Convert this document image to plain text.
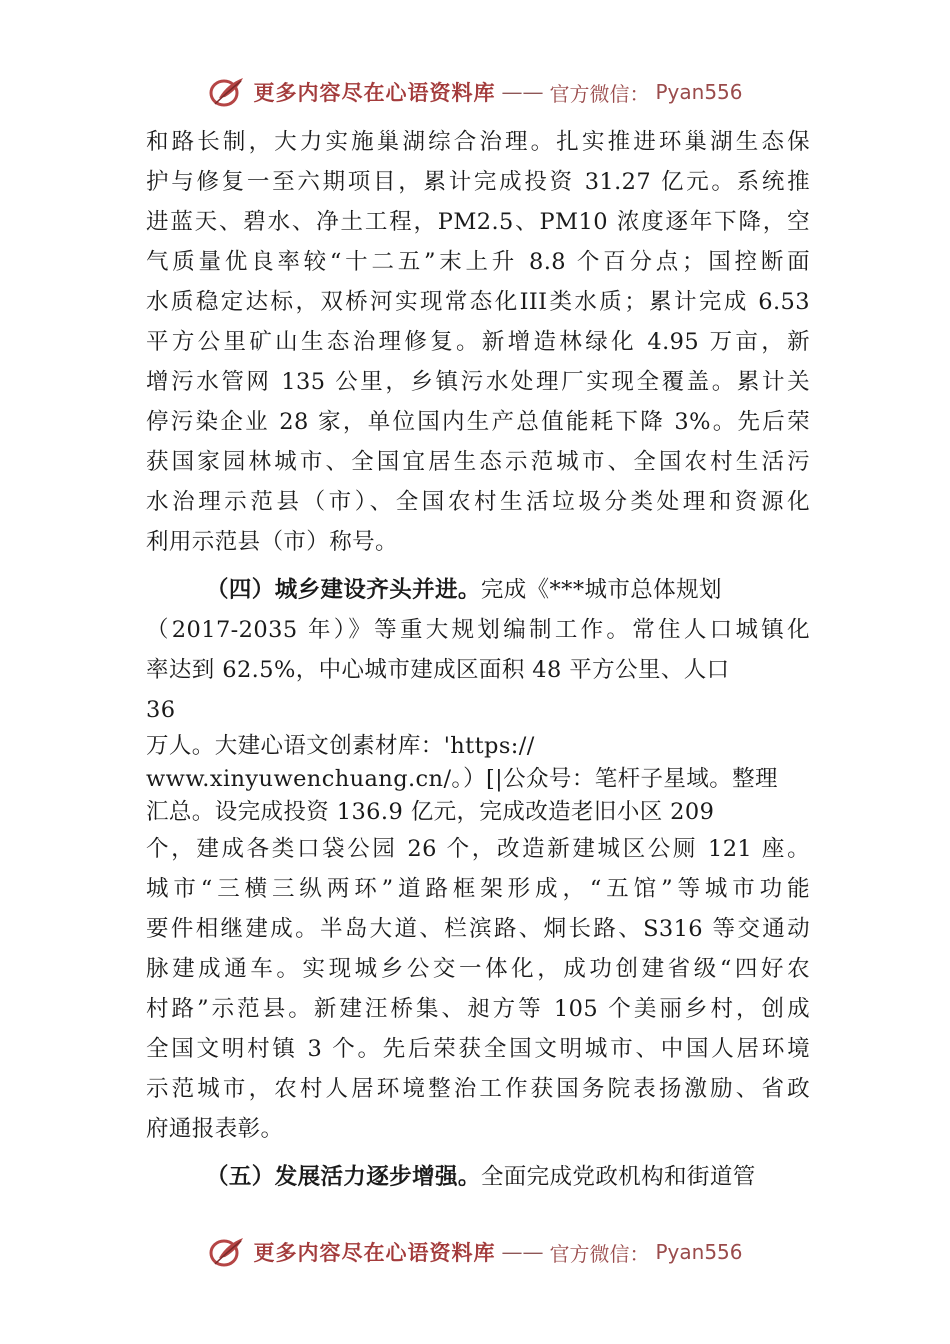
更多内容尽在心语资料库 —— 官方微信： Pyan556
和路长制，大力实施巢湖综合治理。扎实推进环巢湖生态保
护与修复一至六期项目，累计完成投资 31.27 亿元。系统推
进蓝天、碧水、净土工程，PM2.5、PM10 浓度逐年下降，空
气质量优良率较“十二五”末上升 8.8 个百分点；国控断面
水质稳定达标，双桥河实现常态化III类水质；累计完成 6.53
平方公里矿山生态治理修复。新增造林绿化 4.95 万亩，新
增污水管网 135 公里，乡镇污水处理厂实现全覆盖。累计关
停污染企业 28 家，单位国内生产总值能耗下降 3%。先后荣
获国家园林城市、全国宜居生态示范城市、全国农村生活污
水治理示范县（市）、全国农村生活垃圾分类处理和资源化
利用示范县（市）称号。
（四）城乡建设齐头并进。完成《***城市总体规划
（2017-2035 年）》等重大规划编制工作。常住人口城镇化
率达到 62.5%，中心城市建成区面积 48 平方公里、人口
36
万人。大建心语文创素材库：'https://
www.xinyuwenchuang.cn/。）[|公众号：笔杆子星域。整理
汇总。设完成投资 136.9 亿元，完成改造老旧小区 209
个，建成各类口袋公园 26 个，改造新建城区公厕 121 座。
城市“三横三纵两环”道路框架形成，“五馆”等城市功能
要件相继建成。半岛大道、栏滨路、烔长路、S316 等交通动
脉建成通车。实现城乡公交一体化，成功创建省级“四好农
村路”示范县。新建汪桥集、昶方等 105 个美丽乡村，创成
全国文明村镇 3 个。先后荣获全国文明城市、中国人居环境
示范城市，农村人居环境整治工作获国务院表扬激励、省政
府通报表彰。
（五）发展活力逐步增强。全面完成党政机构和街道管
更多内容尽在心语资料库 —— 官方微信： Pyan556
